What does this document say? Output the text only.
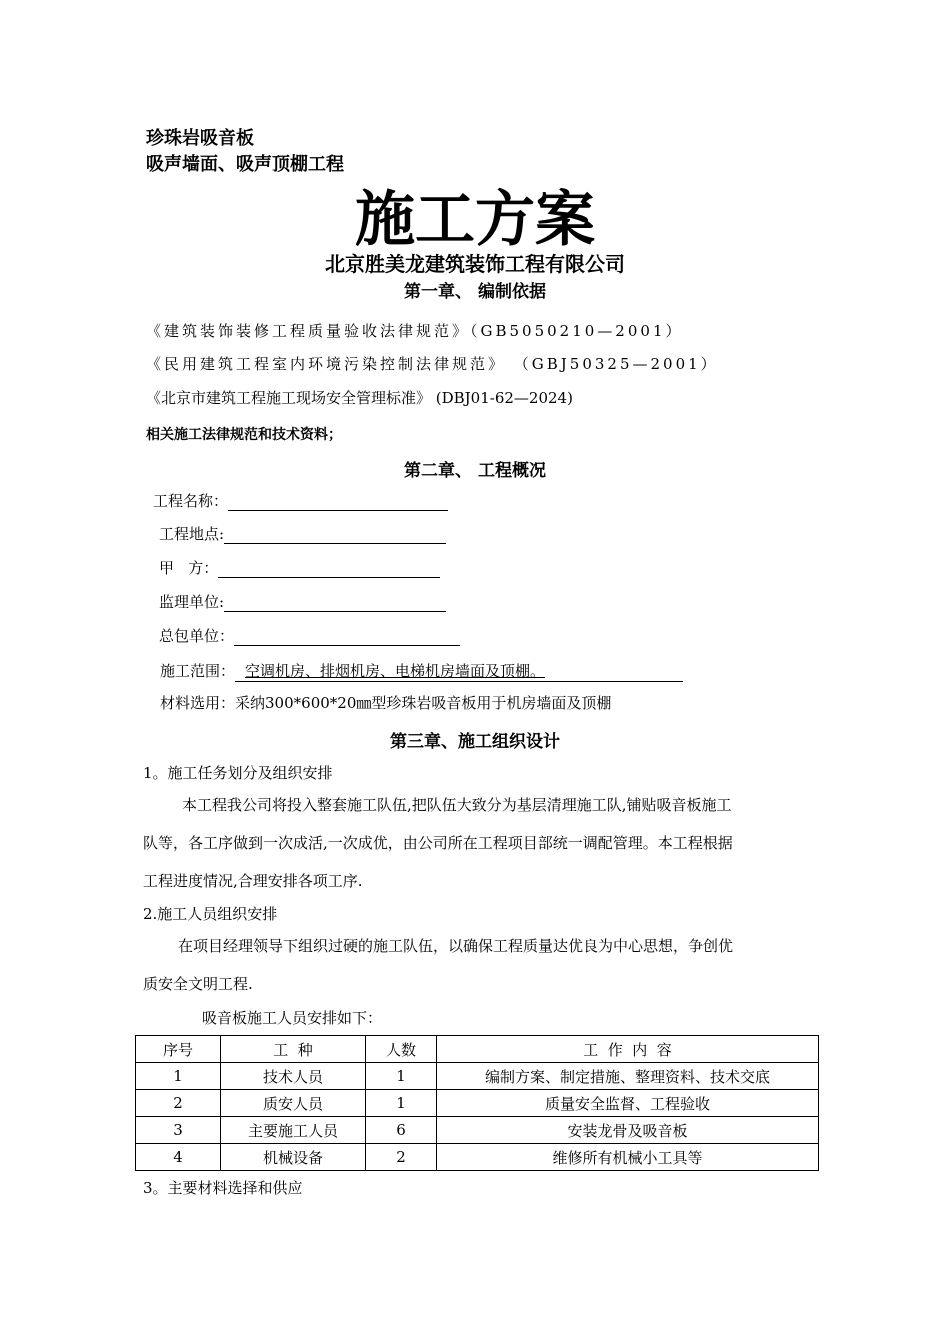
珍珠岩吸音板
吸声墙面、吸声顶棚工程
施工方案
北京胜美龙建筑装饰工程有限公司
第一章、 编制依据
《建筑装饰装修工程质量验收法律规范》（GB5050210—2001）
《民用建筑工程室内环境污染控制法律规范》 （GBJ50325—2001）
《北京市建筑工程施工现场安全管理标准》 (DBJ01-62—2024)
相关施工法律规范和技术资料；
第二章、 工程概况
工程名称：
工程地点:
甲   方：
监理单位:
总包单位：
施工范围： 空调机房、排烟机房、电梯机房墙面及顶棚。
材料选用：采纳300*600*20㎜型珍珠岩吸音板用于机房墙面及顶棚
第三章、施工组织设计
1。施工任务划分及组织安排
本工程我公司将投入整套施工队伍,把队伍大致分为基层清理施工队,铺贴吸音板施工
队等，各工序做到一次成活,一次成优，由公司所在工程项目部统一调配管理。本工程根据
工程进度情况,合理安排各项工序.
2.施工人员组织安排
在项目经理领导下组织过硬的施工队伍，以确保工程质量达优良为中心思想，争创优
质安全文明工程.
吸音板施工人员安排如下：
序号	工  种	人数	工  作  内  容
1	技术人员	1	编制方案、制定措施、整理资料、技术交底
2	质安人员	1	质量安全监督、工程验收
3	主要施工人员	6	安装龙骨及吸音板
4	机械设备	2	维修所有机械小工具等
3。主要材料选择和供应
